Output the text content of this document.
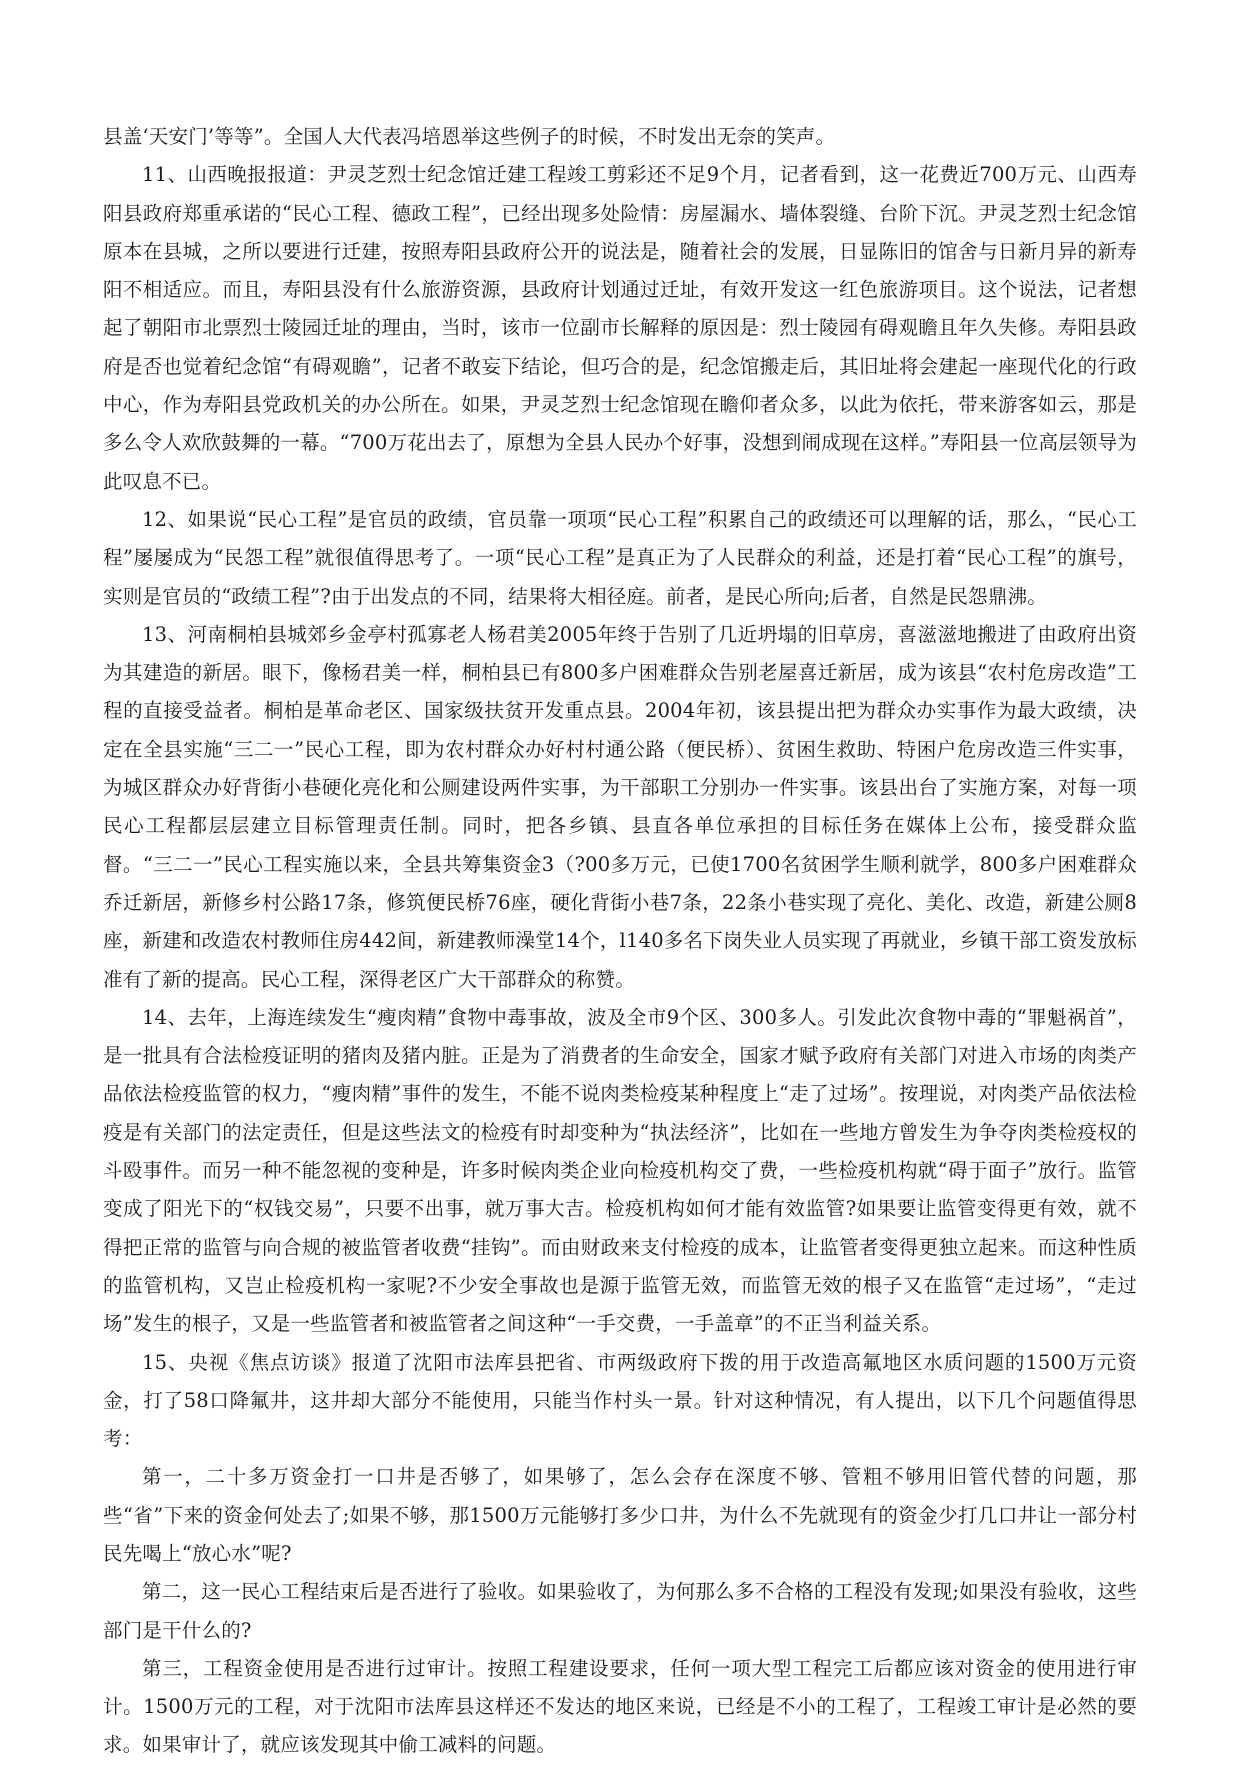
县盖‘天安门’等等”。全国人大代表冯培恩举这些例子的时候，不时发出无奈的笑声。

11、山西晚报报道：尹灵芝烈士纪念馆迁建工程竣工剪彩还不足9个月，记者看到，这一花费近700万元、山西寿阳县政府郑重承诺的“民心工程、德政工程”，已经出现多处险情：房屋漏水、墙体裂缝、台阶下沉。尹灵芝烈士纪念馆原本在县城，之所以要进行迁建，按照寿阳县政府公开的说法是，随着社会的发展，日显陈旧的馆舍与日新月异的新寿阳不相适应。而且，寿阳县没有什么旅游资源，县政府计划通过迁址，有效开发这一红色旅游项目。这个说法，记者想起了朝阳市北票烈士陵园迁址的理由，当时，该市一位副市长解释的原因是：烈士陵园有碍观瞻且年久失修。寿阳县政府是否也觉着纪念馆“有碍观瞻”，记者不敢妄下结论，但巧合的是，纪念馆搬走后，其旧址将会建起一座现代化的行政中心，作为寿阳县党政机关的办公所在。如果，尹灵芝烈士纪念馆现在瞻仰者众多，以此为依托，带来游客如云，那是多么令人欢欣鼓舞的一幕。“700万花出去了，原想为全县人民办个好事，没想到闹成现在这样。”寿阳县一位高层领导为此叹息不已。

12、如果说“民心工程”是官员的政绩，官员靠一项项“民心工程”积累自己的政绩还可以理解的话，那么，“民心工程”屡屡成为“民怨工程”就很值得思考了。一项“民心工程”是真正为了人民群众的利益，还是打着“民心工程”的旗号，实则是官员的“政绩工程”?由于出发点的不同，结果将大相径庭。前者，是民心所向;后者，自然是民怨鼎沸。

13、河南桐柏县城郊乡金亭村孤寡老人杨君美2005年终于告别了几近坍塌的旧草房，喜滋滋地搬进了由政府出资为其建造的新居。眼下，像杨君美一样，桐柏县已有800多户困难群众告别老屋喜迁新居，成为该县“农村危房改造”工程的直接受益者。桐柏是革命老区、国家级扶贫开发重点县。2004年初，该县提出把为群众办实事作为最大政绩，决定在全县实施“三二一”民心工程，即为农村群众办好村村通公路（便民桥）、贫困生救助、特困户危房改造三件实事，为城区群众办好背街小巷硬化亮化和公厕建设两件实事，为干部职工分别办一件实事。该县出台了实施方案，对每一项民心工程都层层建立目标管理责任制。同时，把各乡镇、县直各单位承担的目标任务在媒体上公布，接受群众监督。“三二一”民心工程实施以来，全县共筹集资金3（?00多万元，已使1700名贫困学生顺利就学，800多户困难群众乔迁新居，新修乡村公路17条，修筑便民桥76座，硬化背街小巷7条，22条小巷实现了亮化、美化、改造，新建公厕8座，新建和改造农村教师住房442间，新建教师澡堂14个，l140多名下岗失业人员实现了再就业，乡镇干部工资发放标准有了新的提高。民心工程，深得老区广大干部群众的称赞。

14、去年，上海连续发生“瘦肉精”食物中毒事故，波及全市9个区、300多人。引发此次食物中毒的“罪魁祸首”，是一批具有合法检疫证明的猪肉及猪内脏。正是为了消费者的生命安全，国家才赋予政府有关部门对进入市场的肉类产品依法检疫监管的权力，“瘦肉精”事件的发生，不能不说肉类检疫某种程度上“走了过场”。按理说，对肉类产品依法检疫是有关部门的法定责任，但是这些法文的检疫有时却变种为“执法经济”，比如在一些地方曾发生为争夺肉类检疫权的斗殴事件。而另一种不能忽视的变种是，许多时候肉类企业向检疫机构交了费，一些检疫机构就“碍于面子”放行。监管变成了阳光下的“权钱交易”，只要不出事，就万事大吉。检疫机构如何才能有效监管?如果要让监管变得更有效，就不得把正常的监管与向合规的被监管者收费“挂钩”。而由财政来支付检疫的成本，让监管者变得更独立起来。而这种性质的监管机构，又岂止检疫机构一家呢?不少安全事故也是源于监管无效，而监管无效的根子又在监管“走过场”，“走过场”发生的根子，又是一些监管者和被监管者之间这种“一手交费，一手盖章”的不正当利益关系。

15、央视《焦点访谈》报道了沈阳市法库县把省、市两级政府下拨的用于改造高氟地区水质问题的1500万元资金，打了58口降氟井，这井却大部分不能使用，只能当作村头一景。针对这种情况，有人提出，以下几个问题值得思考：

第一，二十多万资金打一口井是否够了，如果够了，怎么会存在深度不够、管粗不够用旧管代替的问题，那些“省”下来的资金何处去了;如果不够，那1500万元能够打多少口井，为什么不先就现有的资金少打几口井让一部分村民先喝上“放心水”呢?

第二，这一民心工程结束后是否进行了验收。如果验收了，为何那么多不合格的工程没有发现;如果没有验收，这些部门是干什么的?

第三，工程资金使用是否进行过审计。按照工程建设要求，任何一项大型工程完工后都应该对资金的使用进行审计。1500万元的工程，对于沈阳市法库县这样还不发达的地区来说，已经是不小的工程了，工程竣工审计是必然的要求。如果审计了，就应该发现其中偷工减料的问题。
